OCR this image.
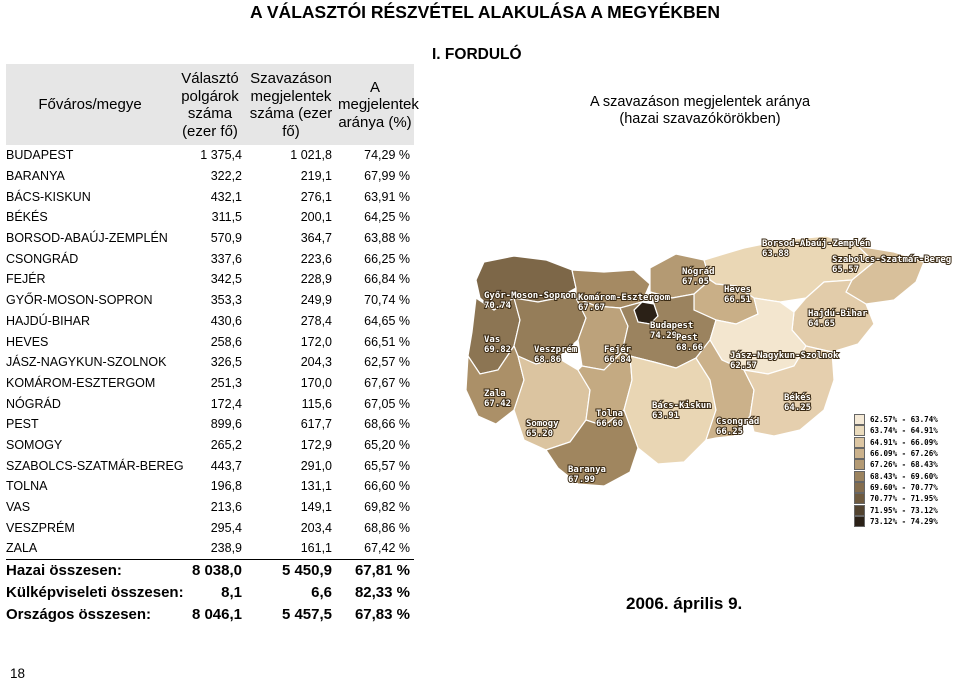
A VÁLASZTÓI RÉSZVÉTEL ALAKULÁSA A MEGYÉKBEN
I. FORDULÓ
Főváros/megye	Választó polgárok száma (ezer fő)	Szavazáson megjelentek száma (ezer fő)	A megjelentek aránya (%)
BUDAPEST	1 375,4	1 021,8	74,29 %
BARANYA	322,2	219,1	67,99 %
BÁCS-KISKUN	432,1	276,1	63,91 %
BÉKÉS	311,5	200,1	64,25 %
BORSOD-ABAÚJ-ZEMPLÉN	570,9	364,7	63,88 %
CSONGRÁD	337,6	223,6	66,25 %
FEJÉR	342,5	228,9	66,84 %
GYŐR-MOSON-SOPRON	353,3	249,9	70,74 %
HAJDÚ-BIHAR	430,6	278,4	64,65 %
HEVES	258,6	172,0	66,51 %
JÁSZ-NAGYKUN-SZOLNOK	326,5	204,3	62,57 %
KOMÁROM-ESZTERGOM	251,3	170,0	67,67 %
NÓGRÁD	172,4	115,6	67,05 %
PEST	899,6	617,7	68,66 %
SOMOGY	265,2	172,9	65,20 %
SZABOLCS-SZATMÁR-BEREG	443,7	291,0	65,57 %
TOLNA	196,8	131,1	66,60 %
VAS	213,6	149,1	69,82 %
VESZPRÉM	295,4	203,4	68,86 %
ZALA	238,9	161,1	67,42 %
Hazai összesen:	8 038,0	5 450,9	67,81 %
Külképviseleti összesen:	8,1	6,6	82,33 %
Országos összesen:	8 046,1	5 457,5	67,83 %
A szavazáson megjelentek aránya
(hazai szavazókörökben)
Győr-Moson-Sopron
70.74
Komárom-Esztergom
67.67
Nógrád
67.05
Borsod-Abaúj-Zemplén
63.88
Szabolcs-Szatmár-Bereg
65.57
Heves
66.51
Hajdú-Bihar
64.65
Vas
69.82	Veszprém
68.86
Fejér
66.84
Budapest
74.29
Pest
68.66
Jász-Nagykun-Szolnok
62.57
Zala
67.42
Somogy
65.20
Tolna
66.60
Bács-Kiskun
63.91
Csongrád
66.25
Békés
64.25
Baranya
67.99
62.57% - 63.74%
63.74% - 64.91%
64.91% - 66.09%
66.09% - 67.26%
67.26% - 68.43%
68.43% - 69.60%
69.60% - 70.77%
70.77% - 71.95%
71.95% - 73.12%
73.12% - 74.29%
2006. április 9.
18
